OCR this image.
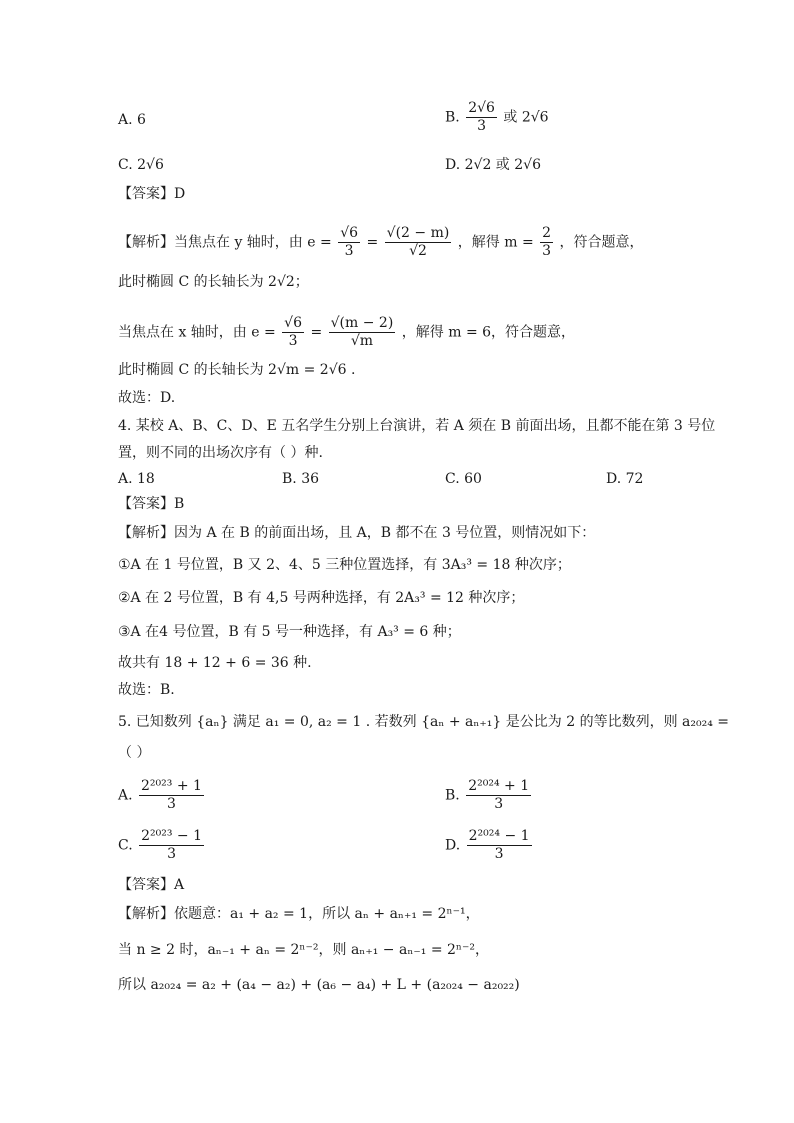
A. 6	B. $\frac{2√6}{3}$ 或 2√6
C. 2√6	D. 2√2 或 2√6
【答案】D
【解析】当焦点在 y 轴时，由 $e = \frac{√6}{3} = \frac{√(2 - m)}{√2}$ ，解得 $m = \frac{2}{3}$ ，符合题意，
此时椭圆 C 的长轴长为 2√2；
当焦点在 x 轴时，由 $e = \frac{√6}{3} = \frac{√(m - 2)}{√m}$ ，解得 m = 6，符合题意，
此时椭圆 C 的长轴长为 2√m = 2√6 .
故选：D.
4. 某校 A、B、C、D、E 五名学生分别上台演讲，若 A 须在 B 前面出场，且都不能在第 3 号位
置，则不同的出场次序有（ ）种.
A. 18	B. 36	C. 60	D. 72
【答案】B
【解析】因为 A 在 B 的前面出场，且 A，B 都不在 3 号位置，则情况如下：
①A 在 1 号位置，B 又 2、4、5 三种位置选择，有 3A₃³ = 18 种次序；
②A 在 2 号位置，B 有 4,5 号两种选择，有 2A₃³ = 12 种次序；
③A 在4 号位置，B 有 5 号一种选择，有 A₃³ = 6 种；
故共有 18 + 12 + 6 = 36 种.
故选：B.
5. 已知数列 {aₙ} 满足 a₁ = 0, a₂ = 1 . 若数列 {aₙ + aₙ₊₁} 是公比为 2 的等比数列，则 a₂₀₂₄ =
（ ）
A. $\frac{\text{2²⁰²³ + 1}}{3}$	B. $\frac{\text{2²⁰²⁴ + 1}}{3}$
C. $\frac{\text{2²⁰²³ − 1}}{3}$	D. $\frac{\text{2²⁰²⁴ − 1}}{3}$
【答案】A
【解析】依题意：a₁ + a₂ = 1，所以 aₙ + aₙ₊₁ = 2ⁿ⁻¹，
当 n ≥ 2 时，aₙ₋₁ + aₙ = 2ⁿ⁻²，则 aₙ₊₁ − aₙ₋₁ = 2ⁿ⁻²，
所以 a₂₀₂₄ = a₂ + (a₄ − a₂) + (a₆ − a₄) + L + (a₂₀₂₄ − a₂₀₂₂)
